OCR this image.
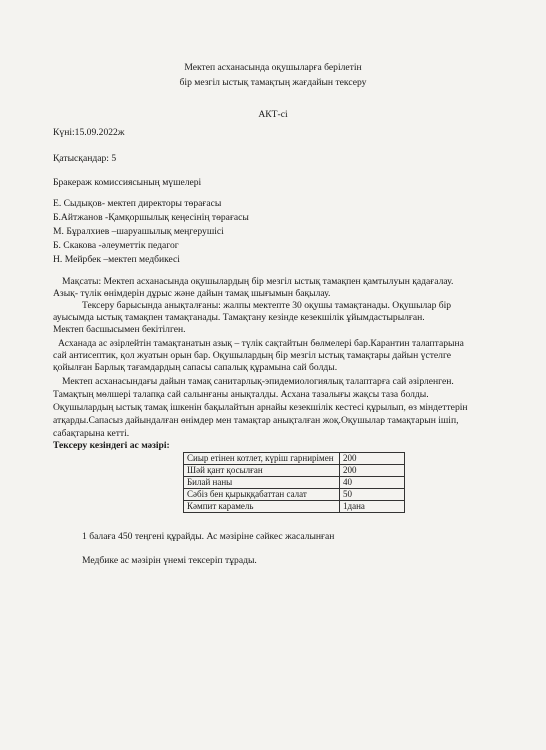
Мектеп асханасында оқушыларға берілетін
бір мезгіл ыстық тамақтың жағдайын тексеру
АКТ-сі
Күні:15.09.2022ж
Қатысқандар: 5
Бракераж комиссиясының мүшелері
Е. Сыдықов- мектеп директоры төрағасы
Б.Айтжанов -Қамқоршылық кеңесінің төрағасы
М. Бұралхиев –шаруашылық меңгерушісі
Б. Скакова -әлеуметтік педагог
Н. Мейрбек –мектеп медбикесі
Мақсаты: Мектеп асханасында оқушылардың бір мезгіл ыстық тамақпен қамтылуын қадағалау.
Азық- түлік өнімдерін дұрыс және дайын тамақ шығымын бақылау.
Тексеру барысында анықталғаны: жалпы мектепте 30 оқушы тамақтанады. Оқушылар бір
ауысымда ыстық тамақпен тамақтанады. Тамақтану кезінде кезекшілік ұйымдастырылған.
Мектеп басшысымен бекітілген.
Асханада ас әзірлейтін тамақтанатын азық – түлік сақтайтын бөлмелері бар.Карантин талаптарына
сай антисептик, қол жуатын орын бар. Оқушылардың бір мезгіл ыстық тамақтары дайын үстелге
қойылған Барлық тағамдардың сапасы сапалық құрамына сай болды.
Мектеп асханасындағы дайын тамақ санитарлық-эпидемиологиялық талаптарға сай әзірленген.
Тамақтың мөлшері талапқа сай салынғаны анықталды. Асхана тазалығы жақсы таза болды.
Оқушылардың ыстық тамақ ішкенін бақылайтын арнайы кезекшілік кестесі құрылып, өз міндеттерін
атқарды.Сапасыз дайындалған өнімдер мен тамақтар анықталған жоқ.Оқушылар тамақтарын ішіп,
сабақтарына кетті.
Тексеру кезіндегі ас мәзірі:
Сиыр етінен котлет, күріш гарнирімен	200
Шәй қант қосылған	200
Билай наны	40
Сәбіз бен қырыққабаттан салат	50
Кәмпит карамель	1дана
1 балаға 450 теңгені құрайды. Ас мәзіріне сәйкес жасалынған
Медбике ас мәзірін үнемі тексеріп тұрады.
